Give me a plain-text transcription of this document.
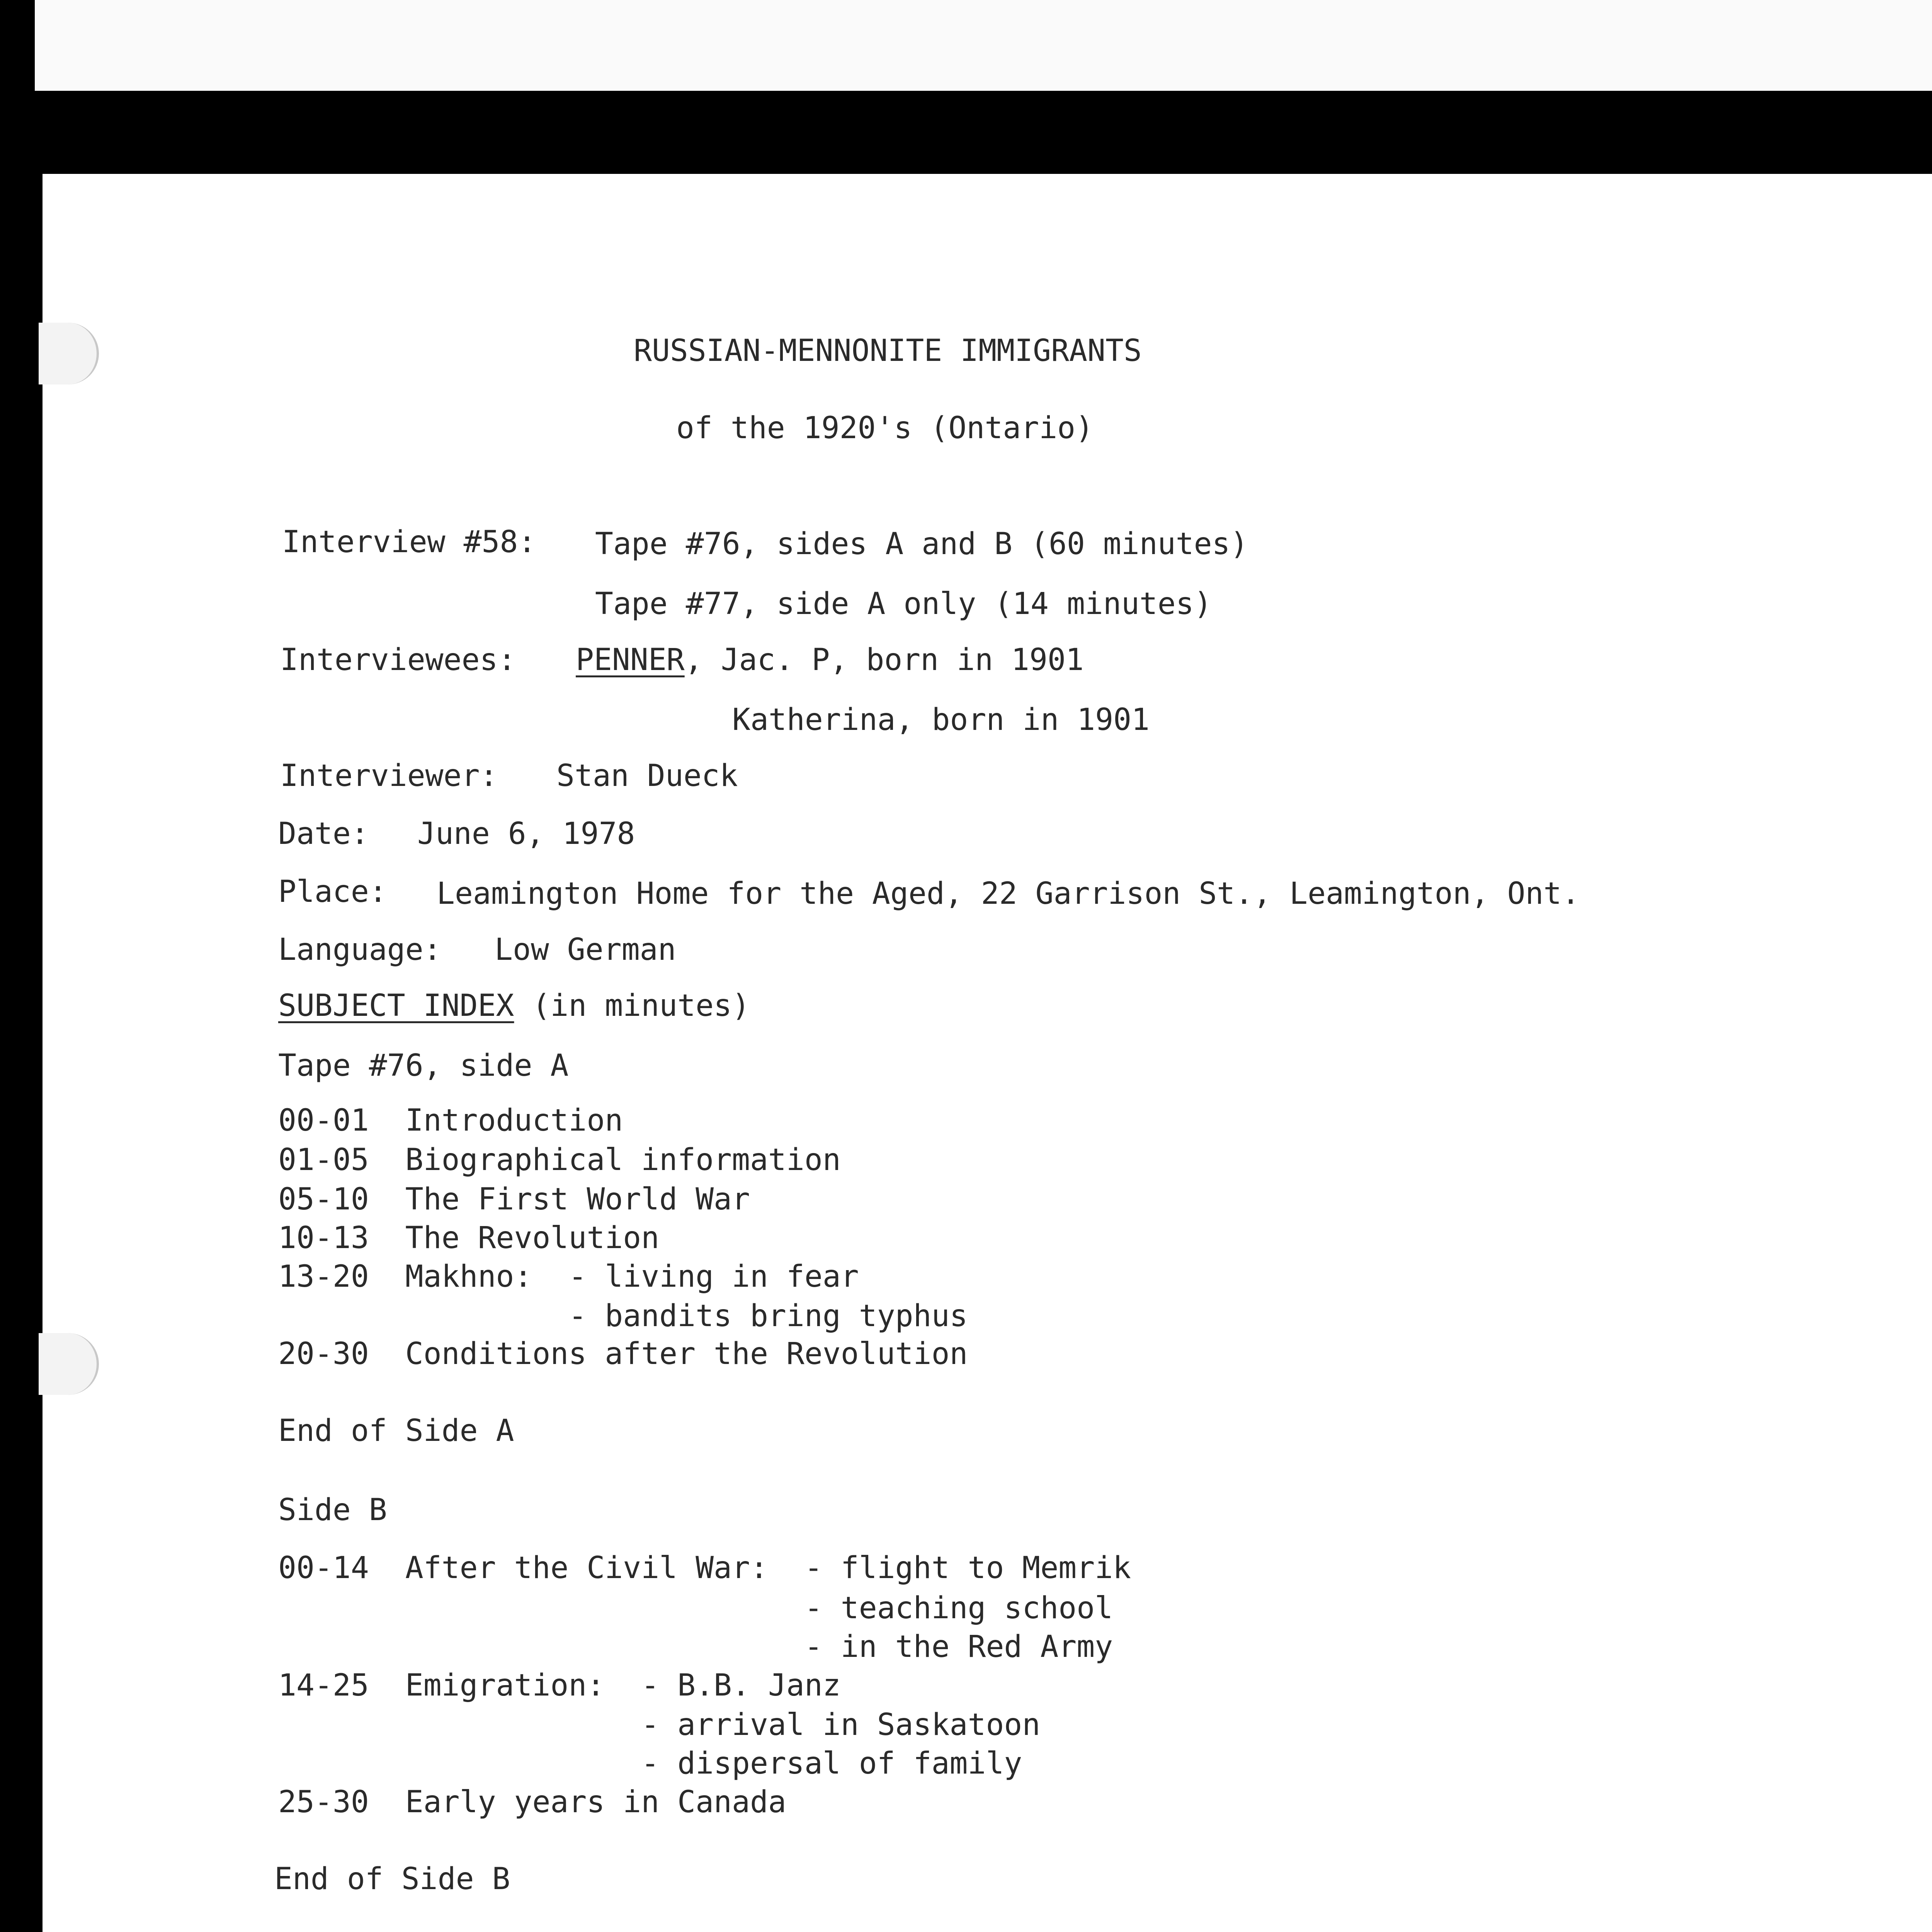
RUSSIAN-MENNONITE IMMIGRANTS
of the 1920's (Ontario)
Interview #58: Tape #76, sides A and B (60 minutes)
Tape #77, side A only (14 minutes)
Interviewees: PENNER, Jac. P, born in 1901
Katherina, born in 1901
Interviewer: Stan Dueck
Date: June 6, 1978
Place: Leamington Home for the Aged, 22 Garrison St., Leamington, Ont.
Language: Low German
SUBJECT INDEX (in minutes)
Tape #76, side A
00-01 Introduction
01-05 Biographical information
05-10 The First World War
10-13 The Revolution
13-20 Makhno:  - living in fear
- bandits bring typhus
20-30 Conditions after the Revolution
End of Side A
Side B
00-14 After the Civil War:  - flight to Memrik
- teaching school
- in the Red Army
14-25 Emigration:  - B.B. Janz
- arrival in Saskatoon
- dispersal of family
25-30 Early years in Canada
End of Side B
